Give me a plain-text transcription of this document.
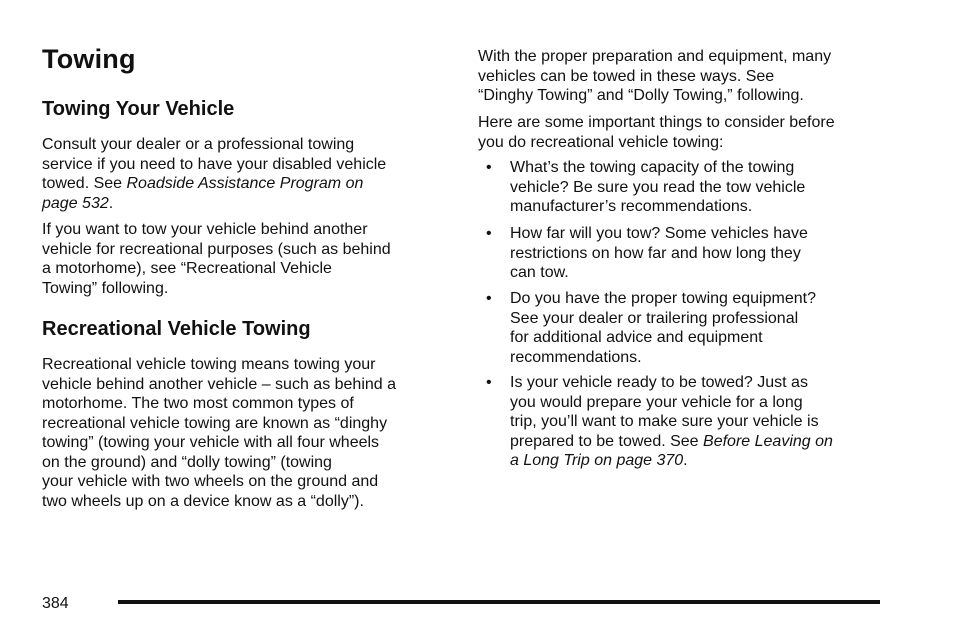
Towing
Towing Your Vehicle

Consult your dealer or a professional towing
service if you need to have your disabled vehicle
towed. See Roadside Assistance Program on
page 532.

If you want to tow your vehicle behind another
vehicle for recreational purposes (such as behind
a motorhome), see “Recreational Vehicle
Towing” following.

Recreational Vehicle Towing

Recreational vehicle towing means towing your
vehicle behind another vehicle – such as behind a
motorhome. The two most common types of
recreational vehicle towing are known as “dinghy
towing” (towing your vehicle with all four wheels
on the ground) and “dolly towing” (towing
your vehicle with two wheels on the ground and
two wheels up on a device know as a “dolly”).

With the proper preparation and equipment, many
vehicles can be towed in these ways. See
“Dinghy Towing” and “Dolly Towing,” following.

Here are some important things to consider before
you do recreational vehicle towing:

• What’s the towing capacity of the towing
vehicle? Be sure you read the tow vehicle
manufacturer’s recommendations.

• How far will you tow? Some vehicles have
restrictions on how far and how long they
can tow.

• Do you have the proper towing equipment?
See your dealer or trailering professional
for additional advice and equipment
recommendations.

• Is your vehicle ready to be towed? Just as
you would prepare your vehicle for a long
trip, you’ll want to make sure your vehicle is
prepared to be towed. See Before Leaving on
a Long Trip on page 370.

384
